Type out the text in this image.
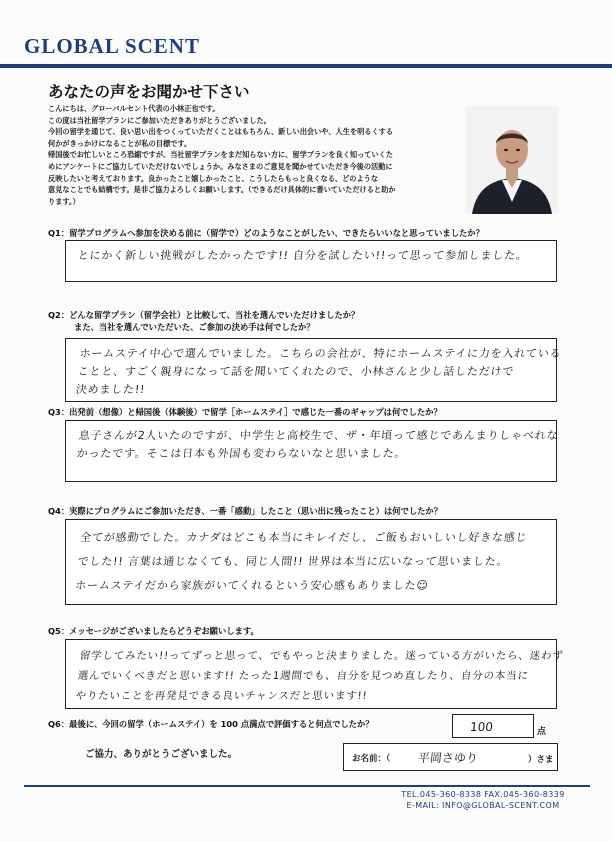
GLOBAL SCENT
あなたの声をお聞かせ下さい
こんにちは、グローバルセント代表の小林正也です。
この度は当社留学プランにご参加いただきありがとうございました。
今回の留学を通じて、良い思い出をつくっていただくことはもちろん、新しい出会いや、人生を明るくする
何かがきっかけになることが私の目標です。
帰国後でお忙しいところ恐縮ですが、当社留学プランをまだ知らない方に、留学プランを良く知っていくた
めにアンケートにご協力していただけないでしょうか。みなさまのご意見を聞かせていただき今後の活動に
反映したいと考えております。良かったこと嬉しかったこと、こうしたらもっと良くなる、どのような
意見なことでも結構です。是非ご協力よろしくお願いします。（できるだけ具体的に書いていただけると助か
ります。）
Q1：留学プログラムへ参加を決める前に（留学で）どのようなことがしたい、できたらいいなと思っていましたか？
とにかく新しい挑戦がしたかったです!! 自分を試したい!!って思って参加しました。
Q2：どんな留学プラン（留学会社）と比較して、当社を選んでいただけましたか？
また、当社を選んでいただいた、ご参加の決め手は何でしたか？
ホームステイ中心で選んでいました。こちらの会社が、特にホームステイに力を入れている
ことと、すごく親身になって話を聞いてくれたので、小林さんと少し話しただけで
決めました!!
Q3：出発前（想像）と帰国後（体験後）で留学［ホームステイ］で感じた一番のギャップは何でしたか？
息子さんが2人いたのですが、中学生と高校生で、ザ・年頃って感じであんまりしゃべれな
かったです。そこは日本も外国も変わらないなと思いました。
Q4：実際にプログラムにご参加いただき、一番「感動」したこと（思い出に残ったこと）は何でしたか？
全てが感動でした。カナダはどこも本当にキレイだし、ご飯もおいしいし好きな感じ
でした!! 言葉は通じなくても、同じ人間!! 世界は本当に広いなって思いました。
ホームステイだから家族がいてくれるという安心感もありました☺
Q5：メッセージがございましたらどうぞお願いします。
留学してみたい!!ってずっと思って、でもやっと決まりました。迷っている方がいたら、迷わず
選んでいくべきだと思います!! たった1週間でも、自分を見つめ直したり、自分の本当に
やりたいことを再発見できる良いチャンスだと思います!!
Q6：最後に、今回の留学（ホームステイ）を 100 点満点で評価すると何点でしたか？	100	点
ご協力、ありがとうございました。	お名前：（ 平岡さゆり	）さま
TEL.045-360-8338 FAX.045-360-8339
E-MAIL: INFO@GLOBAL-SCENT.COM
